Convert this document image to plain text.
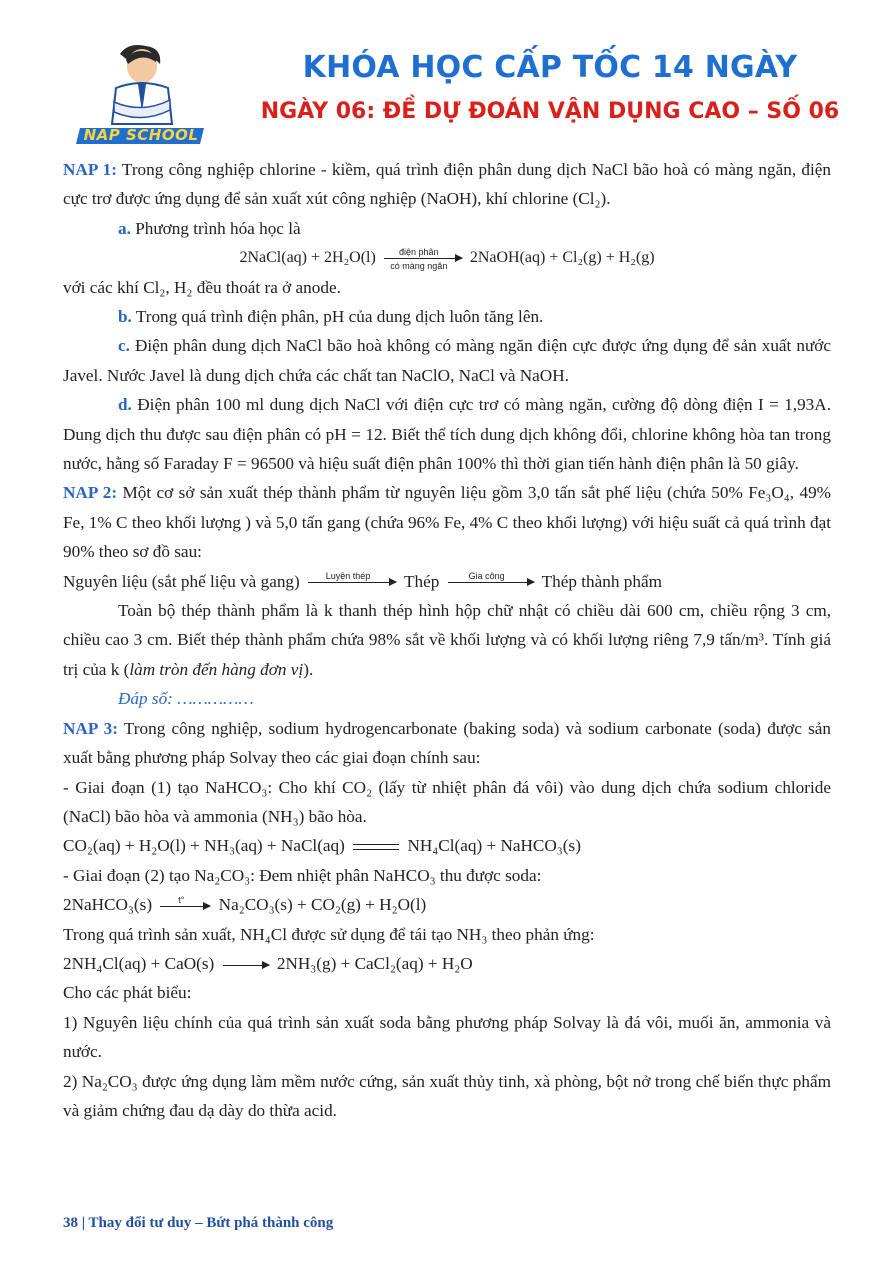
NAP SCHOOL
KHÓA HỌC CẤP TỐC 14 NGÀY
NGÀY 06: ĐỀ DỰ ĐOÁN VẬN DỤNG CAO – SỐ 06

NAP 1: Trong công nghiệp chlorine - kiềm, quá trình điện phân dung dịch NaCl bão hoà có màng ngăn, điện cực trơ được ứng dụng để sản xuất xút công nghiệp (NaOH), khí chlorine (Cl₂).

a. Phương trình hóa học là

2NaCl(aq) + 2H₂O(l)	điện phân
có màng ngăn	2NaOH(aq) + Cl₂(g) + H₂(g)

với các khí Cl₂, H₂ đều thoát ra ở anode.

b. Trong quá trình điện phân, pH của dung dịch luôn tăng lên.

c. Điện phân dung dịch NaCl bão hoà không có màng ngăn điện cực được ứng dụng để sản xuất nước Javel. Nước Javel là dung dịch chứa các chất tan NaClO, NaCl và NaOH.

d. Điện phân 100 ml dung dịch NaCl với điện cực trơ có màng ngăn, cường độ dòng điện I = 1,93A. Dung dịch thu được sau điện phân có pH = 12. Biết thể tích dung dịch không đổi, chlorine không hòa tan trong nước, hằng số Faraday F = 96500 và hiệu suất điện phân 100% thì thời gian tiến hành điện phân là 50 giây.

NAP 2: Một cơ sở sản xuất thép thành phẩm từ nguyên liệu gồm 3,0 tấn sắt phế liệu (chứa 50% Fe₃O₄, 49% Fe, 1% C theo khối lượng ) và 5,0 tấn gang (chứa 96% Fe, 4% C theo khối lượng) với hiệu suất cả quá trình đạt 90% theo sơ đồ sau:

Nguyên liệu (sắt phế liệu và gang)	Luyện thép	Thép	Gia công	Thép thành phẩm

Toàn bộ thép thành phẩm là k thanh thép hình hộp chữ nhật có chiều dài 600 cm, chiều rộng 3 cm, chiều cao 3 cm. Biết thép thành phẩm chứa 98% sắt về khối lượng và có khối lượng riêng 7,9 tấn/m³. Tính giá trị của k (làm tròn đến hàng đơn vị).

Đáp số: ……………

NAP 3: Trong công nghiệp, sodium hydrogencarbonate (baking soda) và sodium carbonate (soda) được sản xuất bằng phương pháp Solvay theo các giai đoạn chính sau:

- Giai đoạn (1) tạo NaHCO₃: Cho khí CO₂ (lấy từ nhiệt phân đá vôi) vào dung dịch chứa sodium chloride (NaCl) bão hòa và ammonia (NH₃) bão hòa.

CO₂(aq) + H₂O(l) + NH₃(aq) + NaCl(aq)	NH₄Cl(aq) + NaHCO₃(s)

- Giai đoạn (2) tạo Na₂CO₃: Đem nhiệt phân NaHCO₃ thu được soda:

2NaHCO₃(s)	t°	Na₂CO₃(s) + CO₂(g) + H₂O(l)

Trong quá trình sản xuất, NH₄Cl được sử dụng để tái tạo NH₃ theo phản ứng:

2NH₄Cl(aq) + CaO(s) → 2NH₃(g) + CaCl₂(aq) + H₂O

Cho các phát biểu:

1) Nguyên liệu chính của quá trình sản xuất soda bằng phương pháp Solvay là đá vôi, muối ăn, ammonia và nước.

2) Na₂CO₃ được ứng dụng làm mềm nước cứng, sản xuất thủy tinh, xà phòng, bột nở trong chế biến thực phẩm và giảm chứng đau dạ dày do thừa acid.

38 | Thay đổi tư duy – Bứt phá thành công
